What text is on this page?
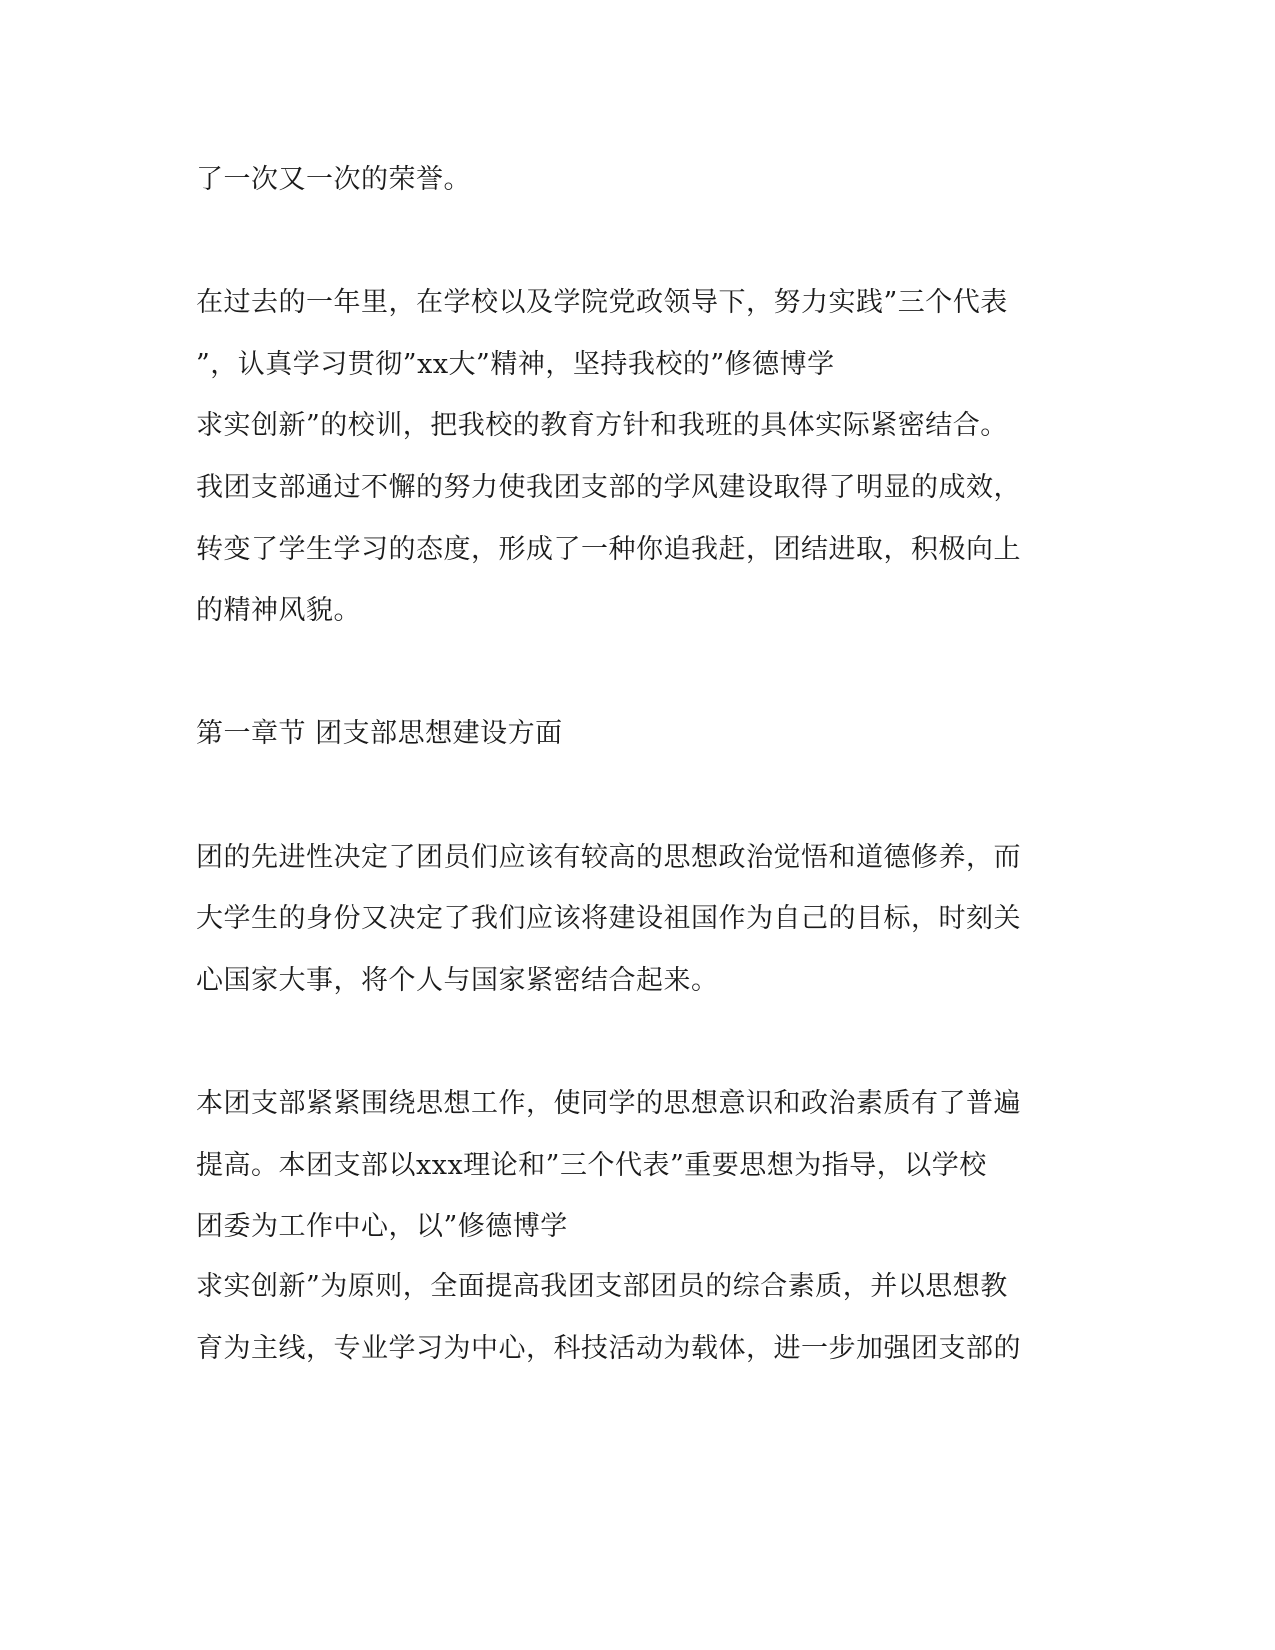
了一次又一次的荣誉。
在过去的一年里，在学校以及学院党政领导下，努力实践”三个代表
”，认真学习贯彻”xx大”精神，坚持我校的”修德博学
求实创新”的校训，把我校的教育方针和我班的具体实际紧密结合。
我团支部通过不懈的努力使我团支部的学风建设取得了明显的成效，
转变了学生学习的态度，形成了一种你追我赶，团结进取，积极向上
的精神风貌。
第一章节 团支部思想建设方面
团的先进性决定了团员们应该有较高的思想政治觉悟和道德修养，而
大学生的身份又决定了我们应该将建设祖国作为自己的目标，时刻关
心国家大事，将个人与国家紧密结合起来。
本团支部紧紧围绕思想工作，使同学的思想意识和政治素质有了普遍
提高。本团支部以xxx理论和”三个代表”重要思想为指导，以学校
团委为工作中心，以”修德博学
求实创新”为原则，全面提高我团支部团员的综合素质，并以思想教
育为主线，专业学习为中心，科技活动为载体，进一步加强团支部的
